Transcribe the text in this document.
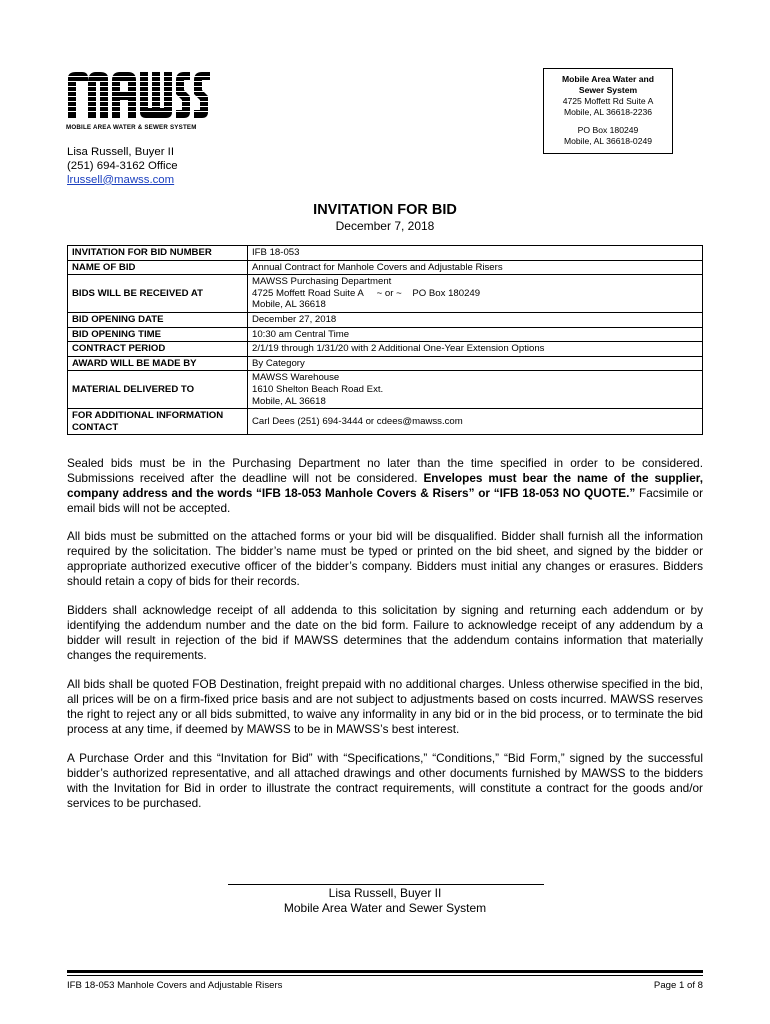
MOBILE AREA WATER & SEWER SYSTEM
Mobile Area Water and
Sewer System
4725 Moffett Rd Suite A
Mobile, AL 36618-2236
PO Box 180249
Mobile, AL 36618-0249
Lisa Russell, Buyer II
(251) 694-3162 Office
lrussell@mawss.com
INVITATION FOR BID
December 7, 2018
INVITATION FOR BID NUMBER	IFB 18-053
NAME OF BID	Annual Contract for Manhole Covers and Adjustable Risers
BIDS WILL BE RECEIVED AT	MAWSS Purchasing Department
4725 Moffett Road Suite A     ~ or ~    PO Box 180249
Mobile, AL 36618

BID OPENING DATE	December 27, 2018
BID OPENING TIME	10:30 am Central Time
CONTRACT PERIOD	2/1/19 through 1/31/20 with 2 Additional One-Year Extension Options
AWARD WILL BE MADE BY	By Category
MATERIAL DELIVERED TO	MAWSS Warehouse
1610 Shelton Beach Road Ext.
Mobile, AL 36618

FOR ADDITIONAL INFORMATION
CONTACT	Carl Dees (251) 694-3444 or cdees@mawss.com
Sealed bids must be in the Purchasing Department no later than the time specified in order to be considered. Submissions received after the deadline will not be considered. Envelopes must bear the name of the supplier, company address and the words “IFB 18-053 Manhole Covers & Risers” or “IFB 18-053 NO QUOTE.” Facsimile or email bids will not be accepted.
All bids must be submitted on the attached forms or your bid will be disqualified. Bidder shall furnish all the information required by the solicitation. The bidder’s name must be typed or printed on the bid sheet, and signed by the bidder or appropriate authorized executive officer of the bidder’s company. Bidders must initial any changes or erasures. Bidders should retain a copy of bids for their records.
Bidders shall acknowledge receipt of all addenda to this solicitation by signing and returning each addendum or by identifying the addendum number and the date on the bid form. Failure to acknowledge receipt of any addendum by a bidder will result in rejection of the bid if MAWSS determines that the addendum contains information that materially changes the requirements.
All bids shall be quoted FOB Destination, freight prepaid with no additional charges. Unless otherwise specified in the bid, all prices will be on a firm-fixed price basis and are not subject to adjustments based on costs incurred. MAWSS reserves the right to reject any or all bids submitted, to waive any informality in any bid or in the bid process, or to terminate the bid process at any time, if deemed by MAWSS to be in MAWSS’s best interest.
A Purchase Order and this “Invitation for Bid” with “Specifications,” “Conditions,” “Bid Form,” signed by the successful bidder’s authorized representative, and all attached drawings and other documents furnished by MAWSS to the bidders with the Invitation for Bid in order to illustrate the contract requirements, will constitute a contract for the goods and/or services to be purchased.
Lisa Russell, Buyer II
Mobile Area Water and Sewer System
IFB 18-053 Manhole Covers and Adjustable Risers	Page 1 of 8
